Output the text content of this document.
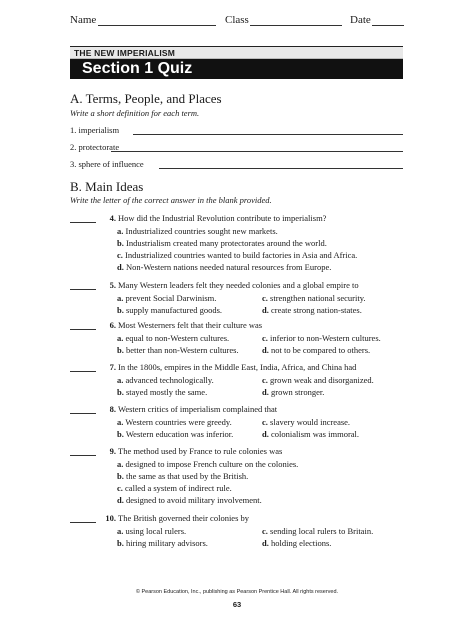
Name	Class	Date
THE NEW IMPERIALISM
Section 1 Quiz
A. Terms, People, and Places
Write a short definition for each term.
1. imperialism
2. protectorate
3. sphere of influence
B. Main Ideas
Write the letter of the correct answer in the blank provided.
4. How did the Industrial Revolution contribute to imperialism?
a. Industrialized countries sought new markets.
b. Industrialism created many protectorates around the world.
c. Industrialized countries wanted to build factories in Asia and Africa.
d. Non-Western nations needed natural resources from Europe.
5. Many Western leaders felt they needed colonies and a global empire to
a. prevent Social Darwinism.
b. supply manufactured goods.
c. strengthen national security.
d. create strong nation-states.
6. Most Westerners felt that their culture was
a. equal to non-Western cultures.
b. better than non-Western cultures.
c. inferior to non-Western cultures.
d. not to be compared to others.
7. In the 1800s, empires in the Middle East, India, Africa, and China had
a. advanced technologically.
b. stayed mostly the same.
c. grown weak and disorganized.
d. grown stronger.
8. Western critics of imperialism complained that
a. Western countries were greedy.
b. Western education was inferior.
c. slavery would increase.
d. colonialism was immoral.
9. The method used by France to rule colonies was
a. designed to impose French culture on the colonies.
b. the same as that used by the British.
c. called a system of indirect rule.
d. designed to avoid military involvement.
10. The British governed their colonies by
a. using local rulers.
b. hiring military advisors.
c. sending local rulers to Britain.
d. holding elections.
© Pearson Education, Inc., publishing as Pearson Prentice Hall. All rights reserved.
63
